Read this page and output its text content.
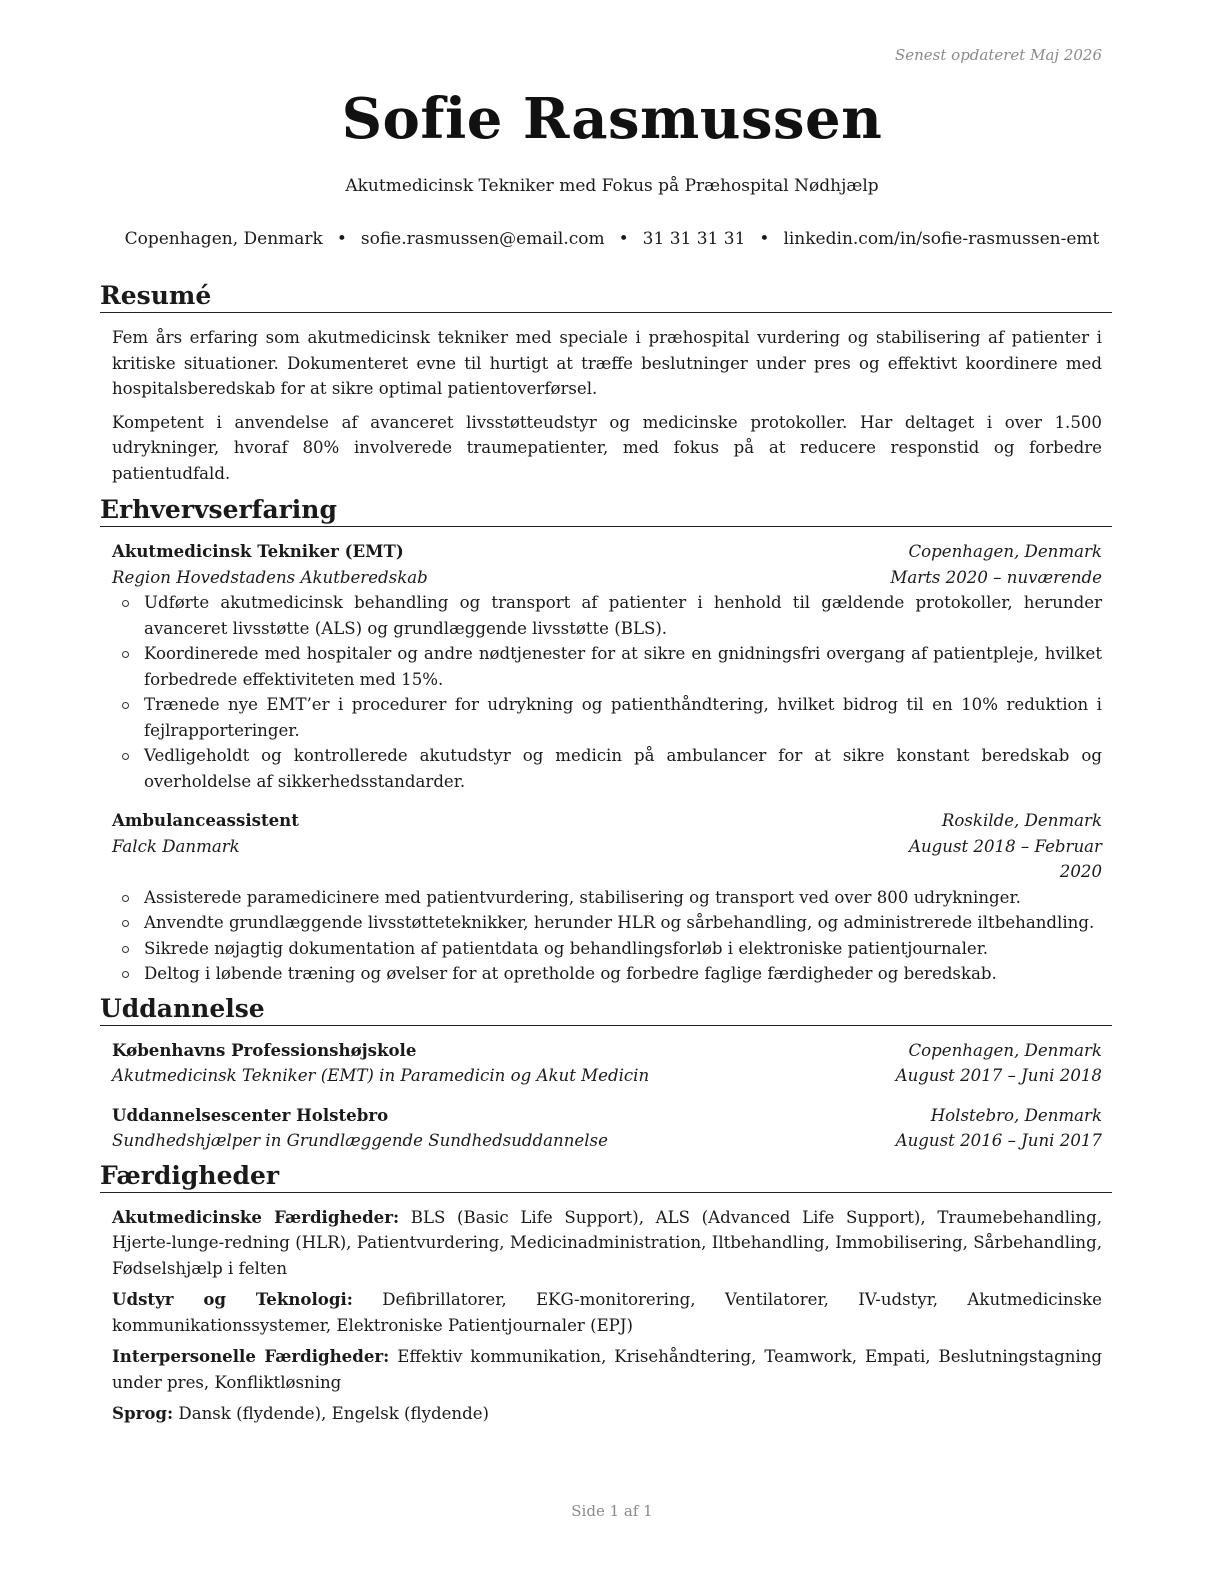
Senest opdateret Maj 2026
Sofie Rasmussen
Akutmedicinsk Tekniker med Fokus på Præhospital Nødhjælp
Copenhagen, Denmark • sofie.rasmussen@email.com • 31 31 31 31 • linkedin.com/in/sofie-rasmussen-emt
Resumé

Fem års erfaring som akutmedicinsk tekniker med speciale i præhospital vurdering og stabilisering af patienter i kritiske situationer. Dokumenteret evne til hurtigt at træffe beslutninger under pres og effektivt koordinere med hospitalsberedskab for at sikre optimal patientoverførsel.

Kompetent i anvendelse af avanceret livsstøtteudstyr og medicinske protokoller. Har deltaget i over 1.500 udrykninger, hvoraf 80% involverede traumepatienter, med fokus på at reducere responstid og forbedre patientudfald.

Erhvervserfaring
Akutmedicinsk Tekniker (EMT)	Copenhagen, Denmark
Region Hovedstadens Akutberedskab	Marts 2020 – nuværende
Udførte akutmedicinsk behandling og transport af patienter i henhold til gældende protokoller, herunder avanceret livsstøtte (ALS) og grundlæggende livsstøtte (BLS).
Koordinerede med hospitaler og andre nødtjenester for at sikre en gnidningsfri overgang af patientpleje, hvilket forbedrede effektiviteten med 15%.
Trænede nye EMT’er i procedurer for udrykning og patienthåndtering, hvilket bidrog til en 10% reduktion i fejlrapporteringer.
Vedligeholdt og kontrollerede akutudstyr og medicin på ambulancer for at sikre konstant beredskab og overholdelse af sikkerhedsstandarder.
Ambulanceassistent	Roskilde, Denmark
Falck Danmark	August 2018 – Februar 2020
Assisterede paramedicinere med patientvurdering, stabilisering og transport ved over 800 udrykninger.
Anvendte grundlæggende livsstøtteteknikker, herunder HLR og sårbehandling, og administrerede iltbehandling.
Sikrede nøjagtig dokumentation af patientdata og behandlingsforløb i elektroniske patientjournaler.
Deltog i løbende træning og øvelser for at opretholde og forbedre faglige færdigheder og beredskab.
Uddannelse
Københavns Professionshøjskole	Copenhagen, Denmark
Akutmedicinsk Tekniker (EMT) in Paramedicin og Akut Medicin	August 2017 – Juni 2018
Uddannelsescenter Holstebro	Holstebro, Denmark
Sundhedshjælper in Grundlæggende Sundhedsuddannelse	August 2016 – Juni 2017
Færdigheder

Akutmedicinske Færdigheder: BLS (Basic Life Support), ALS (Advanced Life Support), Traumebehandling, Hjerte-lunge-redning (HLR), Patientvurdering, Medicinadministration, Iltbehandling, Immobilisering, Sårbehandling, Fødselshjælp i felten

Udstyr og Teknologi: Defibrillatorer, EKG-monitorering, Ventilatorer, IV-udstyr, Akutmedicinske kommunikationssystemer, Elektroniske Patientjournaler (EPJ)

Interpersonelle Færdigheder: Effektiv kommunikation, Krisehåndtering, Teamwork, Empati, Beslutningstagning under pres, Konfliktløsning

Sprog: Dansk (flydende), Engelsk (flydende)

Side 1 af 1
